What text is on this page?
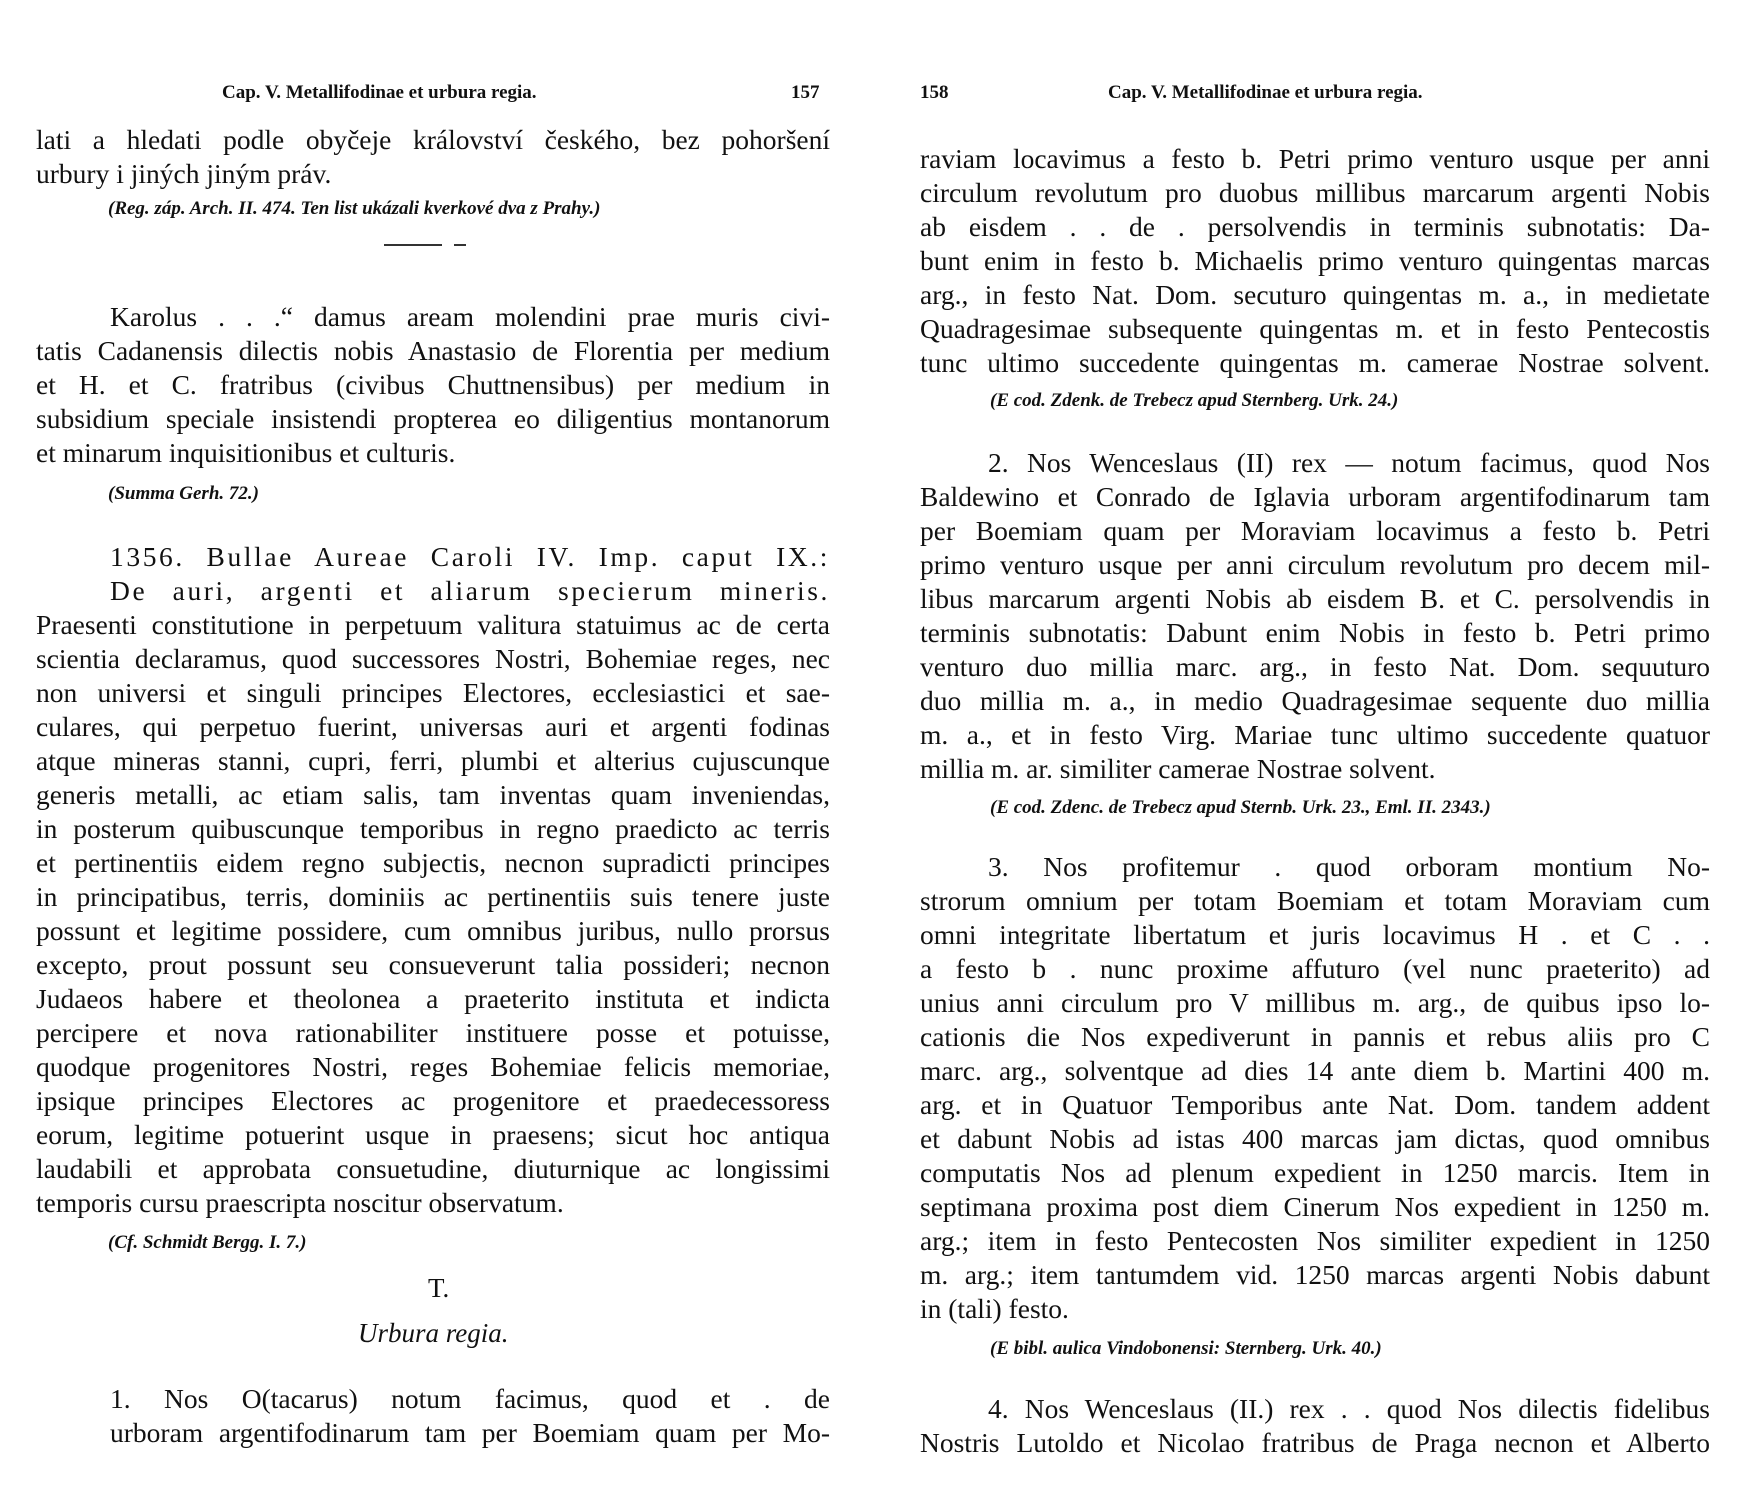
Cap. V. Metallifodinae et urbura regia.	157
lati a hledati podle obyčeje království českého, bez pohoršení
urbury i jiných jiným práv.
(Reg. záp. Arch. II. 474. Ten list ukázali kverkové dva z Prahy.)
Karolus . . .“ damus aream molendini prae muris civi-
tatis Cadanensis dilectis nobis Anastasio de Florentia per medium
et H. et C. fratribus (civibus Chuttnensibus) per medium in
subsidium speciale insistendi propterea eo diligentius montanorum
et minarum inquisitionibus et culturis.
(Summa Gerh. 72.)
1356. Bullae Aureae Caroli IV. Imp. caput IX.:
De auri, argenti et aliarum specierum mineris.
Praesenti constitutione in perpetuum valitura statuimus ac de certa
scientia declaramus, quod successores Nostri, Bohemiae reges, nec
non universi et singuli principes Electores, ecclesiastici et sae-
culares, qui perpetuo fuerint, universas auri et argenti fodinas
atque mineras stanni, cupri, ferri, plumbi et alterius cujuscunque
generis metalli, ac etiam salis, tam inventas quam inveniendas,
in posterum quibuscunque temporibus in regno praedicto ac terris
et pertinentiis eidem regno subjectis, necnon supradicti principes
in principatibus, terris, dominiis ac pertinentiis suis tenere juste
possunt et legitime possidere, cum omnibus juribus, nullo prorsus
excepto, prout possunt seu consueverunt talia possideri; necnon
Judaeos habere et theolonea a praeterito instituta et indicta
percipere et nova rationabiliter instituere posse et potuisse,
quodque progenitores Nostri, reges Bohemiae felicis memoriae,
ipsique principes Electores ac progenitore et praedecessoress
eorum, legitime potuerint usque in praesens; sicut hoc antiqua
laudabili et approbata consuetudine, diuturnique ac longissimi
temporis cursu praescripta noscitur observatum.
(Cf. Schmidt Bergg. I. 7.)
T.
Urbura regia.
1. Nos O(tacarus) notum facimus, quod et . de
urboram argentifodinarum tam per Boemiam quam per Mo-
158	Cap. V. Metallifodinae et urbura regia.
raviam locavimus a festo b. Petri primo venturo usque per anni
circulum revolutum pro duobus millibus marcarum argenti Nobis
ab eisdem . . de . persolvendis in terminis subnotatis: Da-
bunt enim in festo b. Michaelis primo venturo quingentas marcas
arg., in festo Nat. Dom. secuturo quingentas m. a., in medietate
Quadragesimae subsequente quingentas m. et in festo Pentecostis
tunc ultimo succedente quingentas m. camerae Nostrae solvent.
(E cod. Zdenk. de Trebecz apud Sternberg. Urk. 24.)
2. Nos Wenceslaus (II) rex — notum facimus, quod Nos
Baldewino et Conrado de Iglavia urboram argentifodinarum tam
per Boemiam quam per Moraviam locavimus a festo b. Petri
primo venturo usque per anni circulum revolutum pro decem mil-
libus marcarum argenti Nobis ab eisdem B. et C. persolvendis in
terminis subnotatis: Dabunt enim Nobis in festo b. Petri primo
venturo duo millia marc. arg., in festo Nat. Dom. sequuturo
duo millia m. a., in medio Quadragesimae sequente duo millia
m. a., et in festo Virg. Mariae tunc ultimo succedente quatuor
millia m. ar. similiter camerae Nostrae solvent.
(E cod. Zdenc. de Trebecz apud Sternb. Urk. 23., Eml. II. 2343.)
3. Nos profitemur . quod orboram montium No-
strorum omnium per totam Boemiam et totam Moraviam cum
omni integritate libertatum et juris locavimus H . et C . .
a festo b . nunc proxime affuturo (vel nunc praeterito) ad
unius anni circulum pro V millibus m. arg., de quibus ipso lo-
cationis die Nos expediverunt in pannis et rebus aliis pro C
marc. arg., solventque ad dies 14 ante diem b. Martini 400 m.
arg. et in Quatuor Temporibus ante Nat. Dom. tandem addent
et dabunt Nobis ad istas 400 marcas jam dictas, quod omnibus
computatis Nos ad plenum expedient in 1250 marcis. Item in
septimana proxima post diem Cinerum Nos expedient in 1250 m.
arg.; item in festo Pentecosten Nos similiter expedient in 1250
m. arg.; item tantumdem vid. 1250 marcas argenti Nobis dabunt
in (tali) festo.
(E bibl. aulica Vindobonensi: Sternberg. Urk. 40.)
4. Nos Wenceslaus (II.) rex . . quod Nos dilectis fidelibus
Nostris Lutoldo et Nicolao fratribus de Praga necnon et Alberto
